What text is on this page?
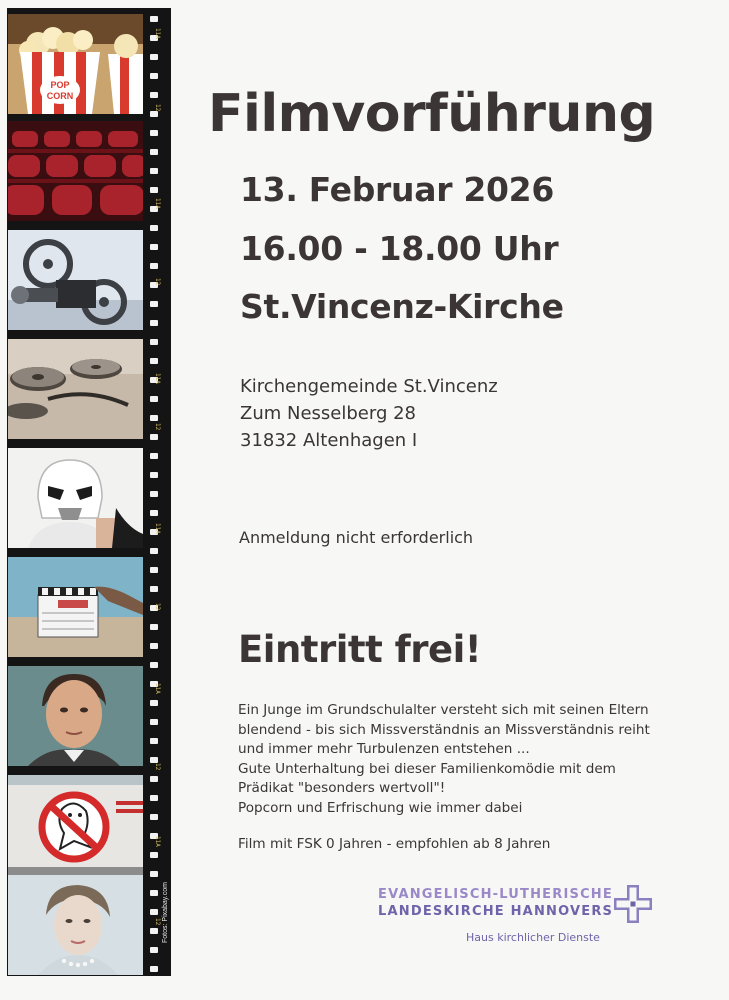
POP
CORN
11A
12
11A
12
11A
12
11A
12
11A
12
11A
12 Fotos: Pixabay.com
Filmvorführung
13. Februar 2026
16.00 - 18.00 Uhr
St.Vincenz-Kirche
Kirchengemeinde St.Vincenz
Zum Nesselberg 28
31832 Altenhagen I
Anmeldung nicht erforderlich
Eintritt frei!
Ein Junge im Grundschulalter versteht sich mit seinen Eltern
blendend - bis sich Missverständnis an Missverständnis reiht
und immer mehr Turbulenzen entstehen ...
Gute Unterhaltung bei dieser Familienkomödie mit dem
Prädikat "besonders wertvoll"!
Popcorn und Erfrischung wie immer dabei
Film mit FSK 0 Jahren - empfohlen ab 8 Jahren
EVANGELISCH-LUTHERISCHE
LANDESKIRCHE HANNOVERS
Haus kirchlicher Dienste
